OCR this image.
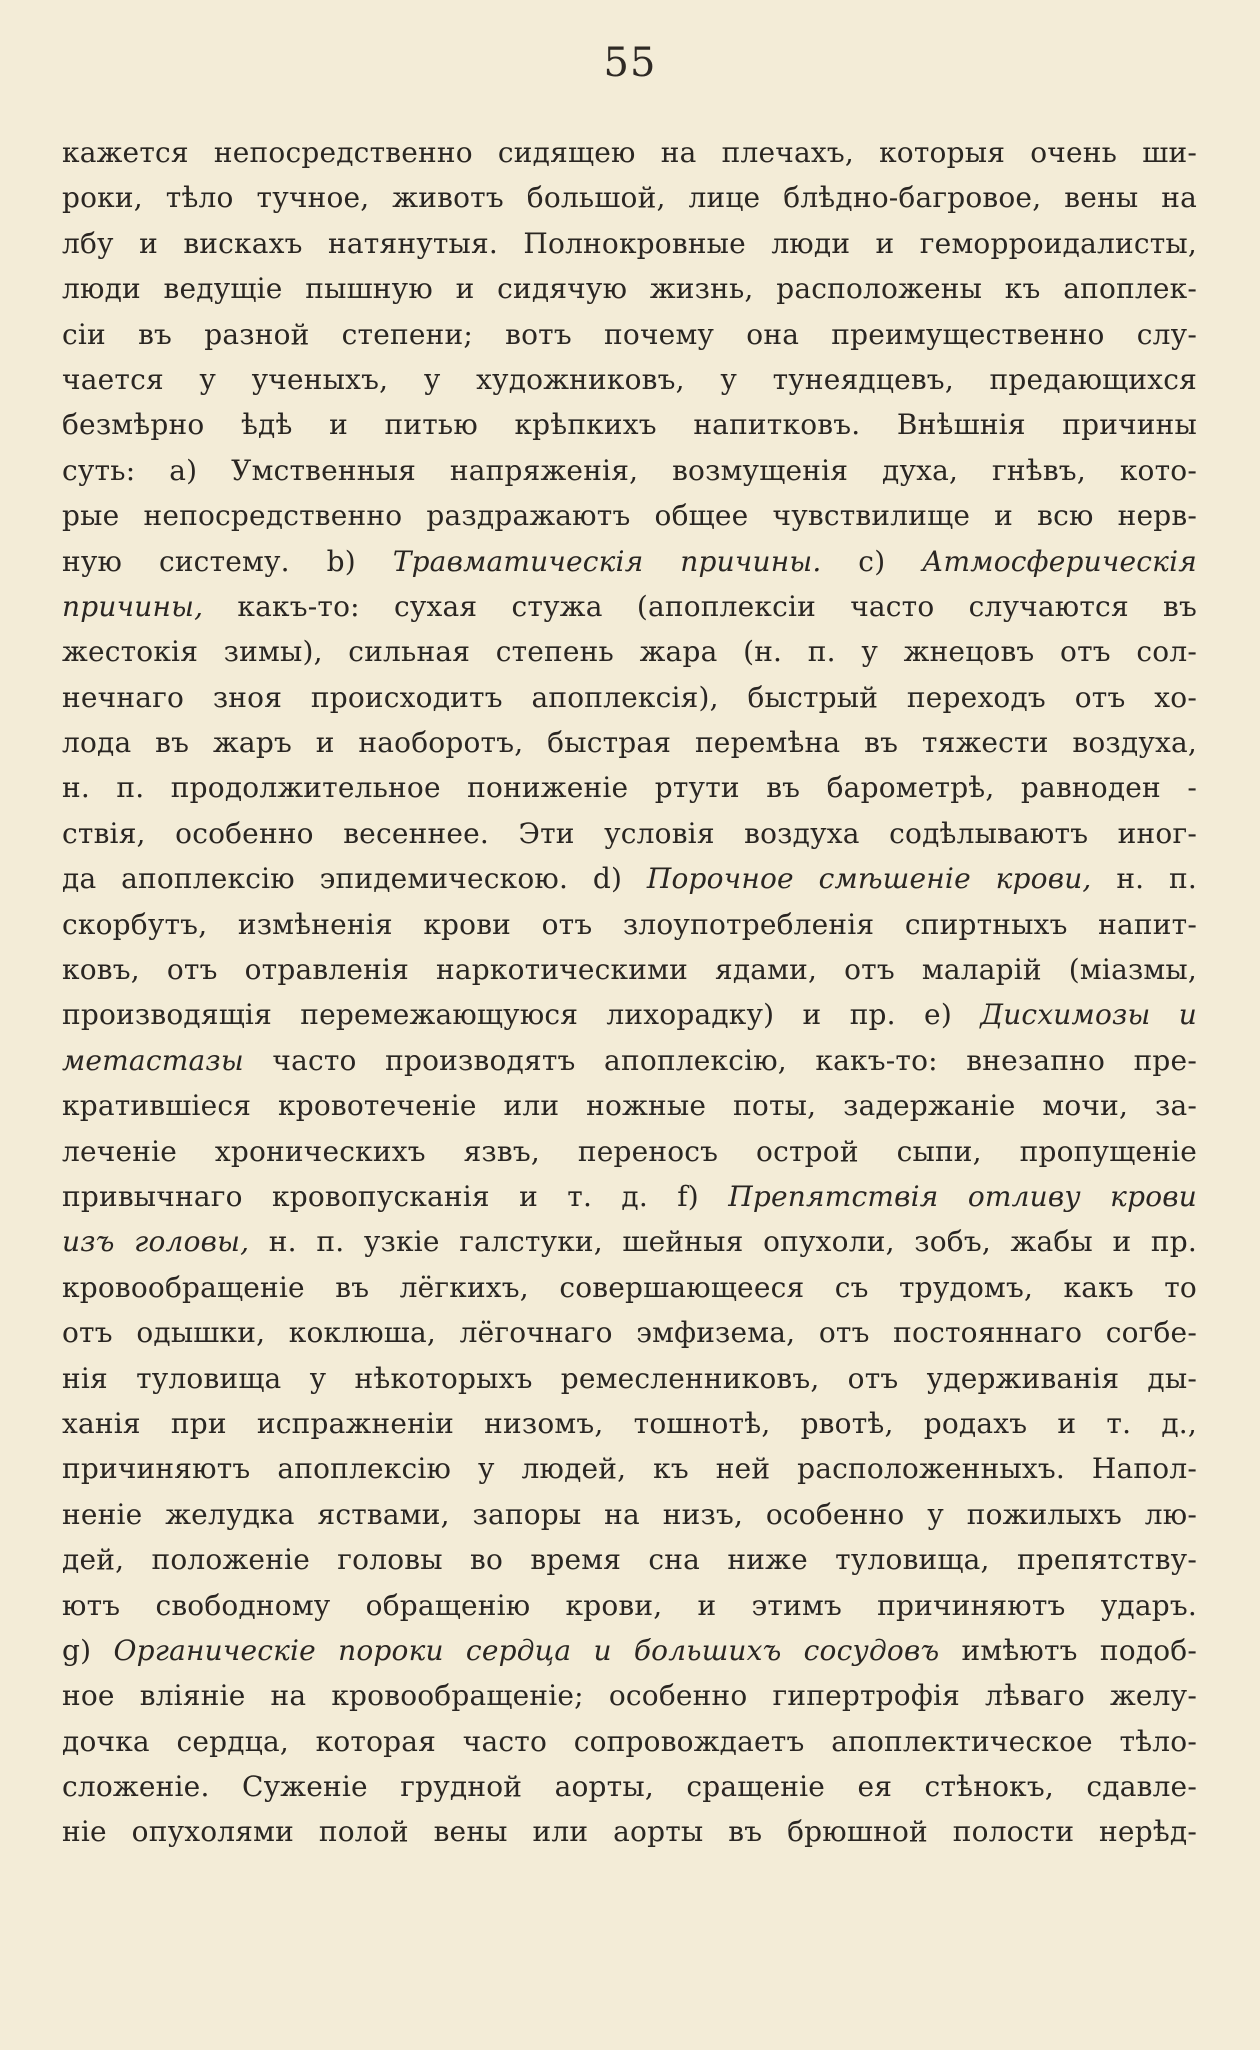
55
кажется непосредственно сидящею на плечахъ, которыя очень ши-
роки, тѣло тучное, животъ большой, лице блѣдно-багровое, вены на
лбу и вискахъ натянутыя. Полнокровные люди и геморроидалисты,
люди ведущіе пышную и сидячую жизнь, расположены къ апоплек-
сіи въ разной степени; вотъ почему она преимущественно слу-
чается у ученыхъ, у художниковъ, у тунеядцевъ, предающихся
безмѣрно ѣдѣ и питью крѣпкихъ напитковъ. Внѣшнія причины
суть: а) Умственныя напряженія, возмущенія духа, гнѣвъ, кото-
рые непосредственно раздражаютъ общее чувствилище и всю нерв-
ную систему. b) Травматическія причины. с) Атмосферическія
причины, какъ-то: сухая стужа (апоплексіи часто случаются въ
жестокія зимы), сильная степень жара (н. п. у жнецовъ отъ сол-
нечнаго зноя происходитъ апоплексія), быстрый переходъ отъ хо-
лода въ жаръ и наоборотъ, быстрая перемѣна въ тяжести воздуха,
н. п. продолжительное пониженіе ртути въ барометрѣ, равноден -
ствія, особенно весеннее. Эти условія воздуха содѣлываютъ иног-
да апоплексію эпидемическою. d) Порочное смѣшеніе крови, н. п.
скорбутъ, измѣненія крови отъ злоупотребленія спиртныхъ напит-
ковъ, отъ отравленія наркотическими ядами, отъ маларій (міазмы,
производящія перемежающуюся лихорадку) и пр. е) Дисхимозы и
метастазы часто производятъ апоплексію, какъ-то: внезапно пре-
кратившіеся кровотеченіе или ножные поты, задержаніе мочи, за-
леченіе хроническихъ язвъ, переносъ острой сыпи, пропущеніе
привычнаго кровопусканія и т. д. f) Препятствія отливу крови
изъ головы, н. п. узкіе галстуки, шейныя опухоли, зобъ, жабы и пр.
кровообращеніе въ лёгкихъ, совершающееся съ трудомъ, какъ то
отъ одышки, коклюша, лёгочнаго эмфизема, отъ постояннаго согбе-
нія туловища у нѣкоторыхъ ремесленниковъ, отъ удерживанія ды-
ханія при испражненіи низомъ, тошнотѣ, рвотѣ, родахъ и т. д.,
причиняютъ апоплексію у людей, къ ней расположенныхъ. Напол-
неніе желудка яствами, запоры на низъ, особенно у пожилыхъ лю-
дей, положеніе головы во время сна ниже туловища, препятству-
ютъ свободному обращенію крови, и этимъ причиняютъ ударъ.
g) Органическіе пороки сердца и большихъ сосудовъ имѣютъ подоб-
ное вліяніе на кровообращеніе; особенно гипертрофія лѣваго желу-
дочка сердца, которая часто сопровождаетъ апоплектическое тѣло-
сложеніе. Суженіе грудной аорты, сращеніе ея стѣнокъ, сдавле-
ніе опухолями полой вены или аорты въ брюшной полости нерѣд-
